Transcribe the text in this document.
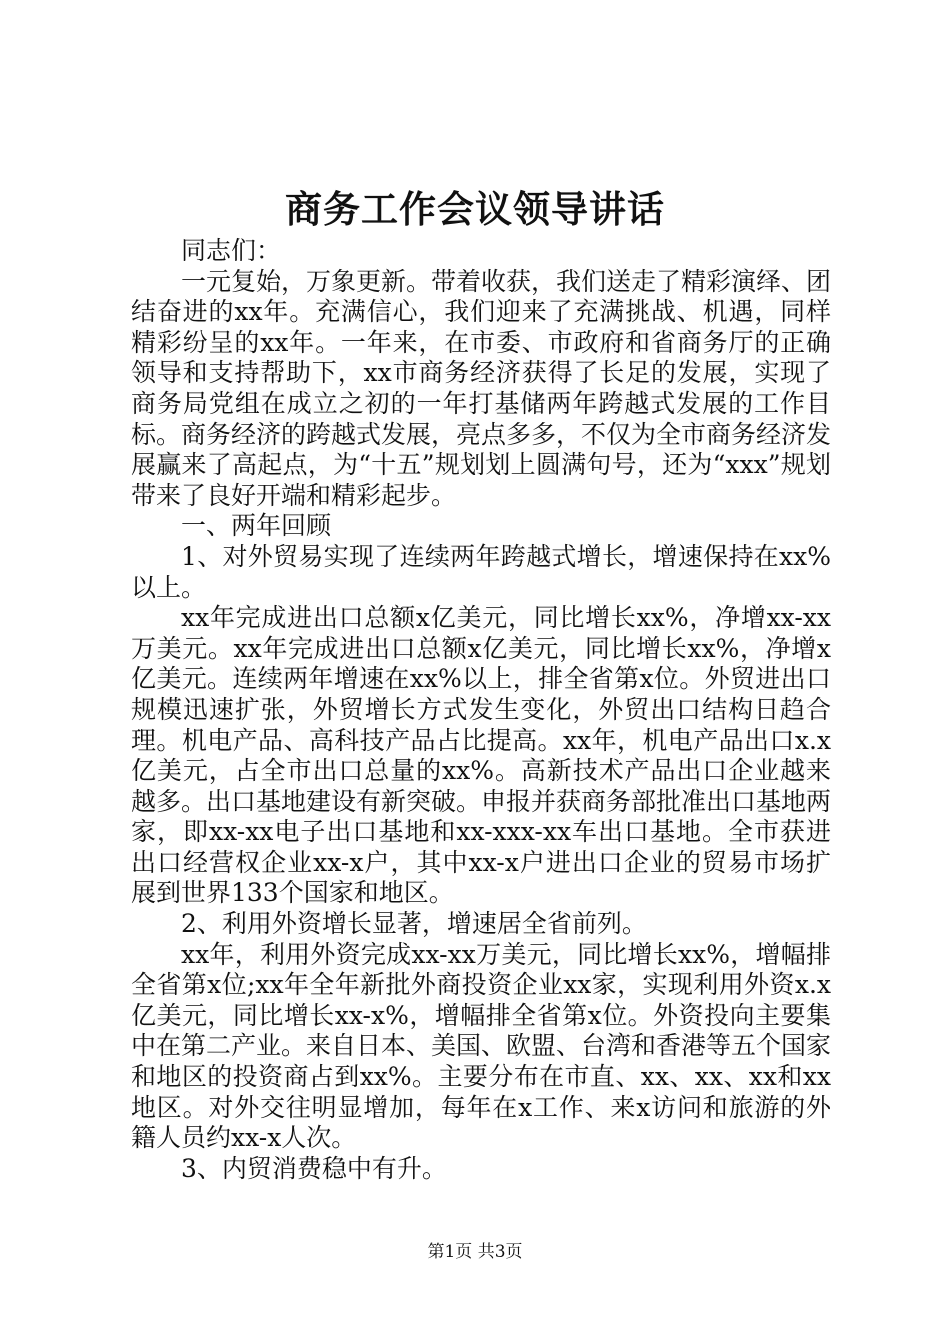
商务工作会议领导讲话

同志们：

一元复始，万象更新。带着收获，我们送走了精彩演绎、团结奋进的xx年。充满信心，我们迎来了充满挑战、机遇，同样精彩纷呈的xx年。一年来，在市委、市政府和省商务厅的正确领导和支持帮助下，xx市商务经济获得了长足的发展，实现了商务局党组在成立之初的一年打基储两年跨越式发展的工作目标。商务经济的跨越式发展，亮点多多，不仅为全市商务经济发展赢来了高起点，为“十五”规划划上圆满句号，还为“xxx”规划带来了良好开端和精彩起步。

一、两年回顾

1、对外贸易实现了连续两年跨越式增长，增速保持在xx%以上。

xx年完成进出口总额x亿美元，同比增长xx%，净增xx-xx万美元。xx年完成进出口总额x亿美元，同比增长xx%，净增x亿美元。连续两年增速在xx%以上，排全省第x位。外贸进出口规模迅速扩张，外贸增长方式发生变化，外贸出口结构日趋合理。机电产品、高科技产品占比提高。xx年，机电产品出口x.x亿美元，占全市出口总量的xx%。高新技术产品出口企业越来越多。出口基地建设有新突破。申报并获商务部批准出口基地两家，即xx-xx电子出口基地和xx-xxx-xx车出口基地。全市获进出口经营权企业xx-x户，其中xx-x户进出口企业的贸易市场扩展到世界133个国家和地区。

2、利用外资增长显著，增速居全省前列。

xx年，利用外资完成xx-xx万美元，同比增长xx%，增幅排全省第x位;xx年全年新批外商投资企业xx家，实现利用外资x.x亿美元，同比增长xx-x%，增幅排全省第x位。外资投向主要集中在第二产业。来自日本、美国、欧盟、台湾和香港等五个国家和地区的投资商占到xx%。主要分布在市直、xx、xx、xx和xx地区。对外交往明显增加，每年在x工作、来x访问和旅游的外籍人员约xx-x人次。

3、内贸消费稳中有升。

第1页 共3页
